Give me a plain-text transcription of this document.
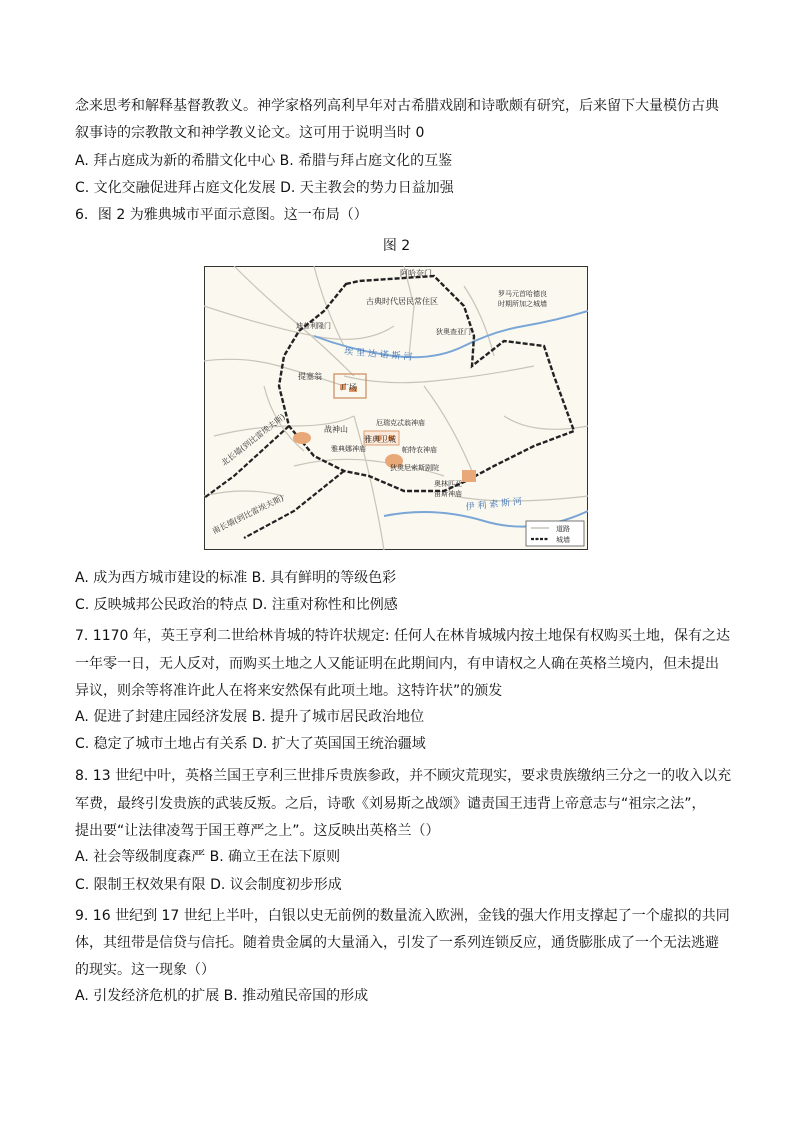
念来思考和解释基督教教义。神学家格列高利早年对古希腊戏剧和诗歌颇有研究，后来留下大量模仿古典
叙事诗的宗教散文和神学教义论文。这可用于说明当时 0
A. 拜占庭成为新的希腊文化中心 B. 希腊与拜占庭文化的互鉴
C. 文化交融促进拜占庭文化发展 D. 天主教会的势力日益加强
6．图 2 为雅典城市平面示意图。这一布局（）
图 2
阿哈奈门
古典时代居民常住区
罗马元首哈德良
时期所加之城墙
迪普利隆门
狄奥查亚门
提塞翁
广场
战神山
厄瑞克忒翁神庙
雅典卫城
帕特农神庙
雅典娜神庙
狄奥尼索斯剧院
奥林匹亚
宙斯神庙
北长墙(到比雷埃夫斯)
南长墙(到比雷埃夫斯)
埃 里 达 诺 斯 河
伊 利 索 斯 河
道路
城墙
A. 成为西方城市建设的标准 B. 具有鲜明的等级色彩
C. 反映城邦公民政治的特点 D. 注重对称性和比例感
7. 1170 年，英王亨利二世给林肯城的特许状规定: 任何人在林肯城城内按土地保有权购买土地，保有之达
一年零一日，无人反对，而购买土地之人又能证明在此期间内，有申请权之人确在英格兰境内，但未提出
异议，则余等将准许此人在将来安然保有此项土地。这特许状”的颁发
A. 促进了封建庄园经济发展 B. 提升了城市居民政治地位
C. 稳定了城市土地占有关系 D. 扩大了英国国王统治疆域
8. 13 世纪中叶，英格兰国王亨利三世排斥贵族参政，并不顾灾荒现实，要求贵族缴纳三分之一的收入以充
军费，最终引发贵族的武装反叛。之后，诗歌《刘易斯之战颂》谴责国王违背上帝意志与“祖宗之法”，
提出要“让法律凌驾于国王尊严之上”。这反映出英格兰（）
A. 社会等级制度森严 B. 确立王在法下原则
C. 限制王权效果有限 D. 议会制度初步形成
9. 16 世纪到 17 世纪上半叶，白银以史无前例的数量流入欧洲，金钱的强大作用支撑起了一个虚拟的共同
体，其纽带是信贷与信托。随着贵金属的大量涌入，引发了一系列连锁反应，通货膨胀成了一个无法逃避
的现实。这一现象（）
A. 引发经济危机的扩展 B. 推动殖民帝国的形成
